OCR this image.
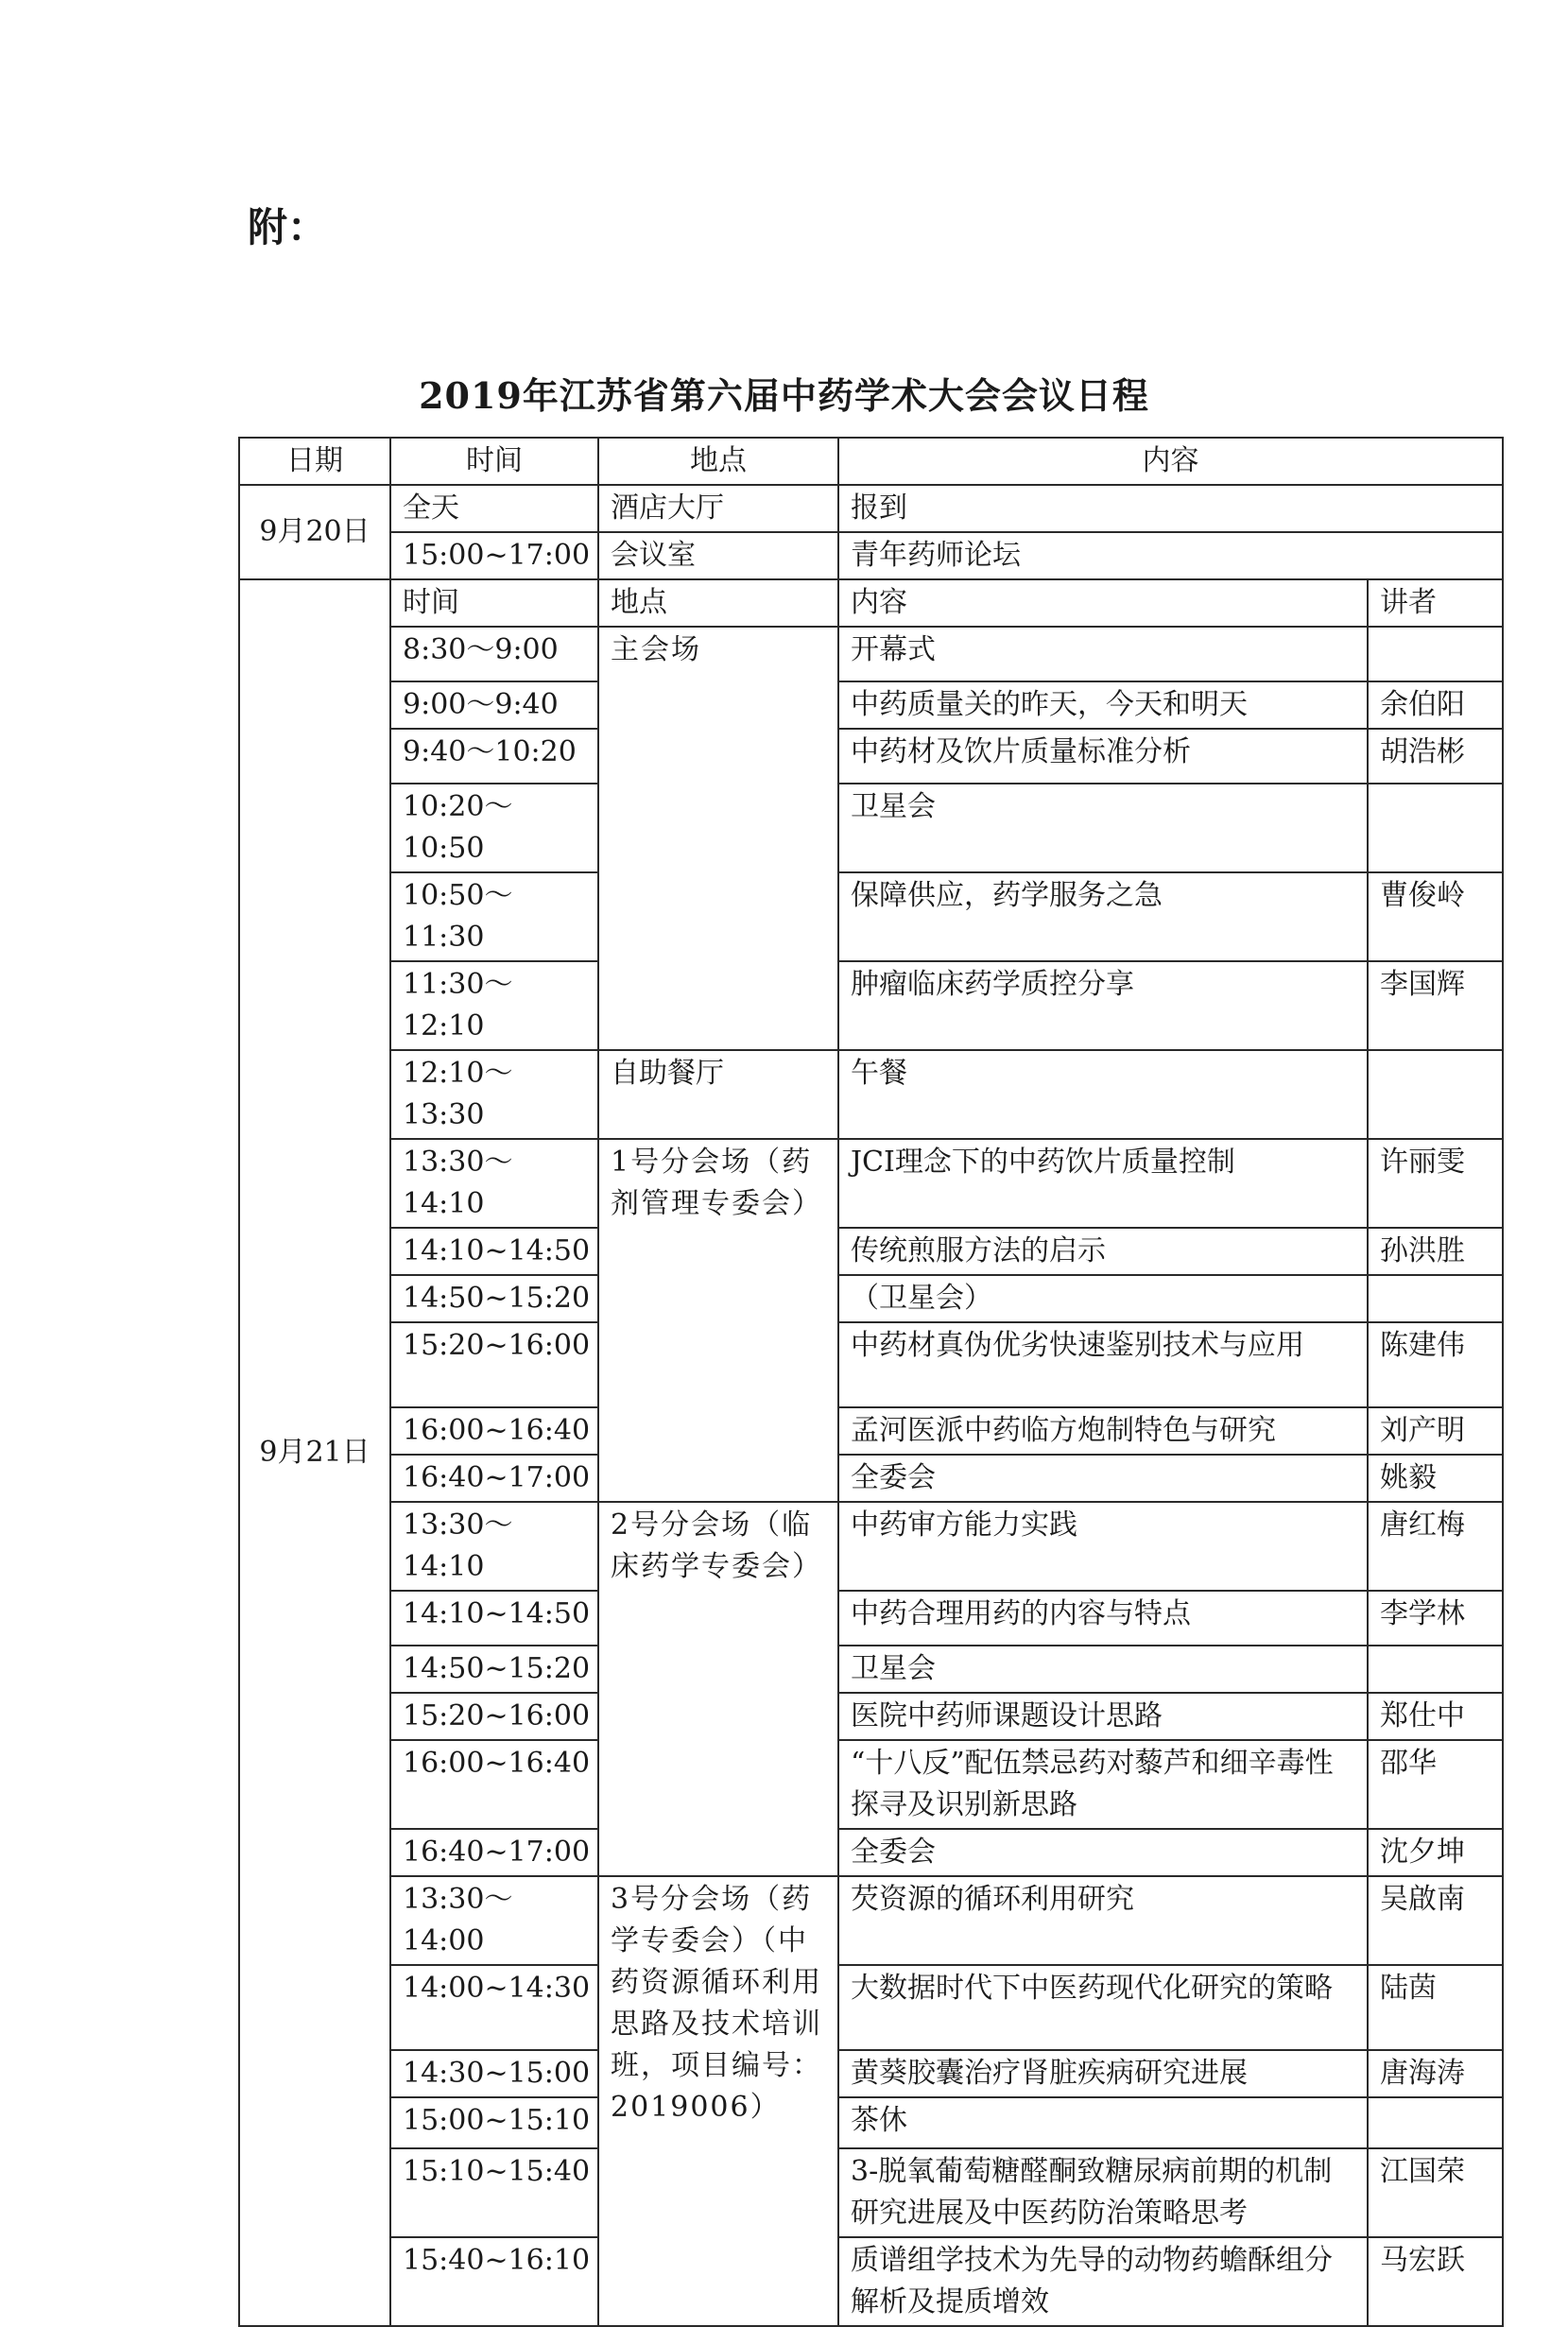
附：
2019年江苏省第六届中药学术大会会议日程
日期	时间	地点	内容	
9月20日	全天	酒店大厅	报到	
	15:00~17:00	会议室	青年药师论坛	
9月21日	时间	地点	内容	讲者
	8:30～9:00	主会场	开幕式	
	9:00～9:40		中药质量关的昨天，今天和明天	余伯阳
	9:40～10:20		中药材及饮片质量标准分析	胡浩彬
	10:20～10:50		卫星会	
	10:50～11:30		保障供应，药学服务之急	曹俊岭
	11:30～12:10		肿瘤临床药学质控分享	李国辉
	12:10～13:30	自助餐厅	午餐	
	13:30～14:10	1号分会场（药剂管理专委会）	JCI理念下的中药饮片质量控制	许丽雯
	14:10~14:50		传统煎服方法的启示	孙洪胜
	14:50~15:20		（卫星会）	
	15:20~16:00		中药材真伪优劣快速鉴别技术与应用	陈建伟
	16:00~16:40		孟河医派中药临方炮制特色与研究	刘产明
	16:40~17:00		全委会	姚毅
	13:30～14:10	2号分会场（临床药学专委会）	中药审方能力实践	唐红梅
	14:10~14:50		中药合理用药的内容与特点	李学林
	14:50~15:20		卫星会	
	15:20~16:00		医院中药师课题设计思路	郑仕中
	16:00~16:40		“十八反”配伍禁忌药对藜芦和细辛毒性探寻及识别新思路	邵华
	16:40~17:00		全委会	沈夕坤
	13:30～14:00	3号分会场（药学专委会）（中药资源循环利用思路及技术培训班，项目编号：2019006）	芡资源的循环利用研究	吴啟南
	14:00~14:30		大数据时代下中医药现代化研究的策略	陆茵
	14:30~15:00		黄葵胶囊治疗肾脏疾病研究进展	唐海涛
	15:00~15:10		茶休	
	15:10~15:40		3-脱氧葡萄糖醛酮致糖尿病前期的机制研究进展及中医药防治策略思考	江国荣
	15:40~16:10		质谱组学技术为先导的动物药蟾酥组分解析及提质增效	马宏跃
